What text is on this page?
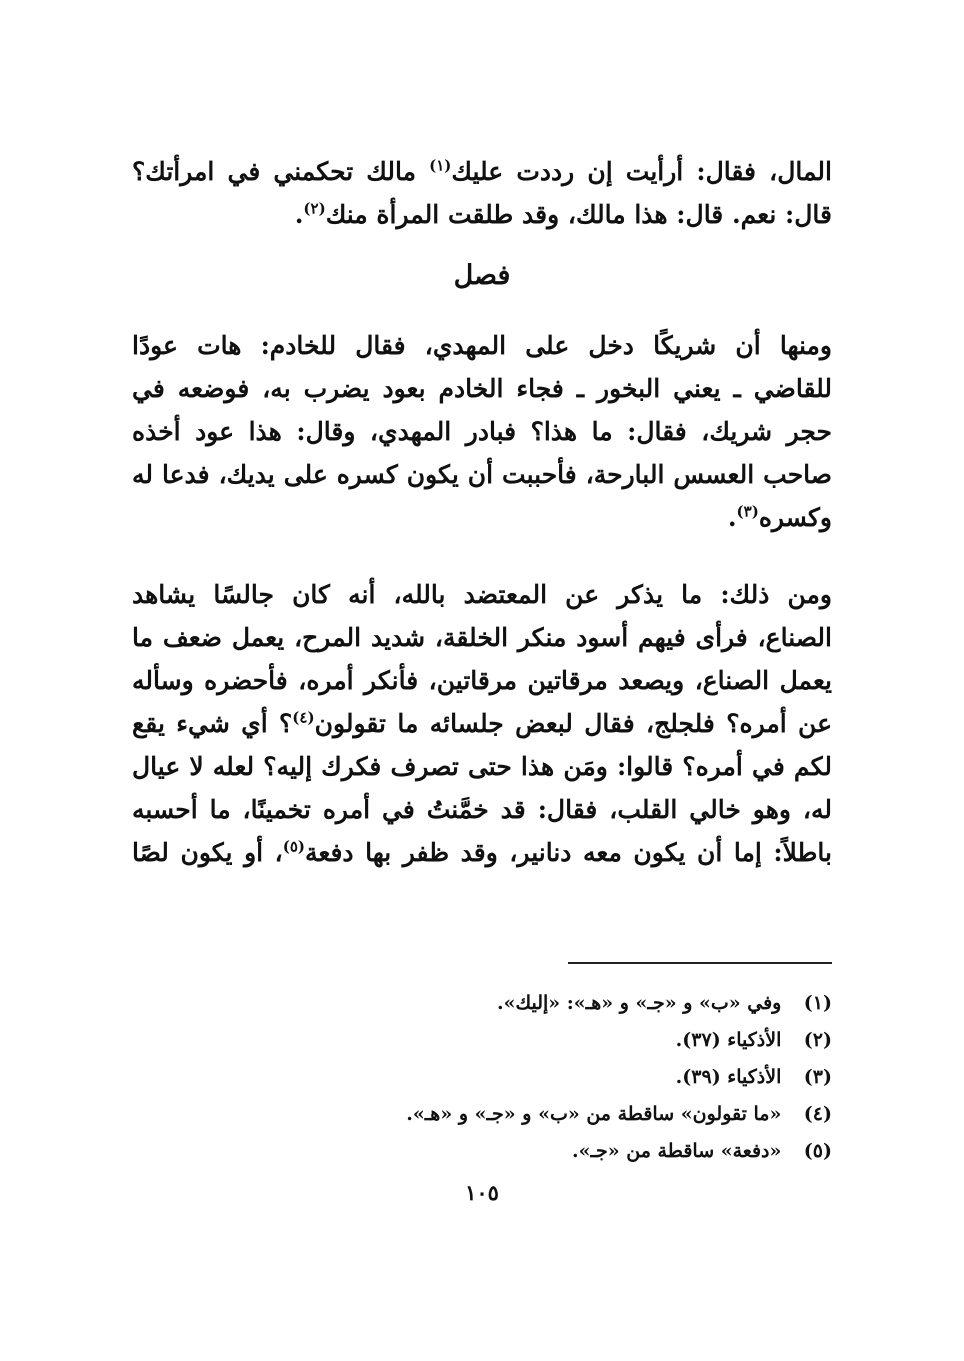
المال، فقال: أرأيت إن رددت عليك$^{(١)}$ مالك تحكمني في امرأتك؟
قال: نعم. قال: هذا مالك، وقد طلقت المرأة منك$^{(٢)}$.
فصل
ومنها أن شريكًا دخل على المهدي، فقال للخادم: هات عودًا
للقاضي ـ يعني البخور ـ فجاء الخادم بعود يضرب به، فوضعه في
حجر شريك، فقال: ما هذا؟ فبادر المهدي، وقال: هذا عود أخذه
صاحب العسس البارحة، فأحببت أن يكون كسره على يديك، فدعا له
وكسره$^{(٣)}$.
ومن ذلك: ما يذكر عن المعتضد بالله، أنه كان جالسًا يشاهد
الصناع، فرأى فيهم أسود منكر الخلقة، شديد المرح، يعمل ضعف ما
يعمل الصناع، ويصعد مرقاتين مرقاتين، فأنكر أمره، فأحضره وسأله
عن أمره؟ فلجلج، فقال لبعض جلسائه ما تقولون$^{(٤)}$؟ أي شيء يقع
لكم في أمره؟ قالوا: ومَن هذا حتى تصرف فكرك إليه؟ لعله لا عيال
له، وهو خالي القلب، فقال: قد خمَّنتُ في أمره تخمينًا، ما أحسبه
باطلاً: إما أن يكون معه دنانير، وقد ظفر بها دفعة$^{(٥)}$، أو يكون لصًا
(١) وفي «ب» و «جـ» و «هـ»: «إليك».
(٢) الأذكياء (٣٧).
(٣) الأذكياء (٣٩).
(٤) «ما تقولون» ساقطة من «ب» و «جـ» و «هـ».
(٥) «دفعة» ساقطة من «جـ».
١٠٥
